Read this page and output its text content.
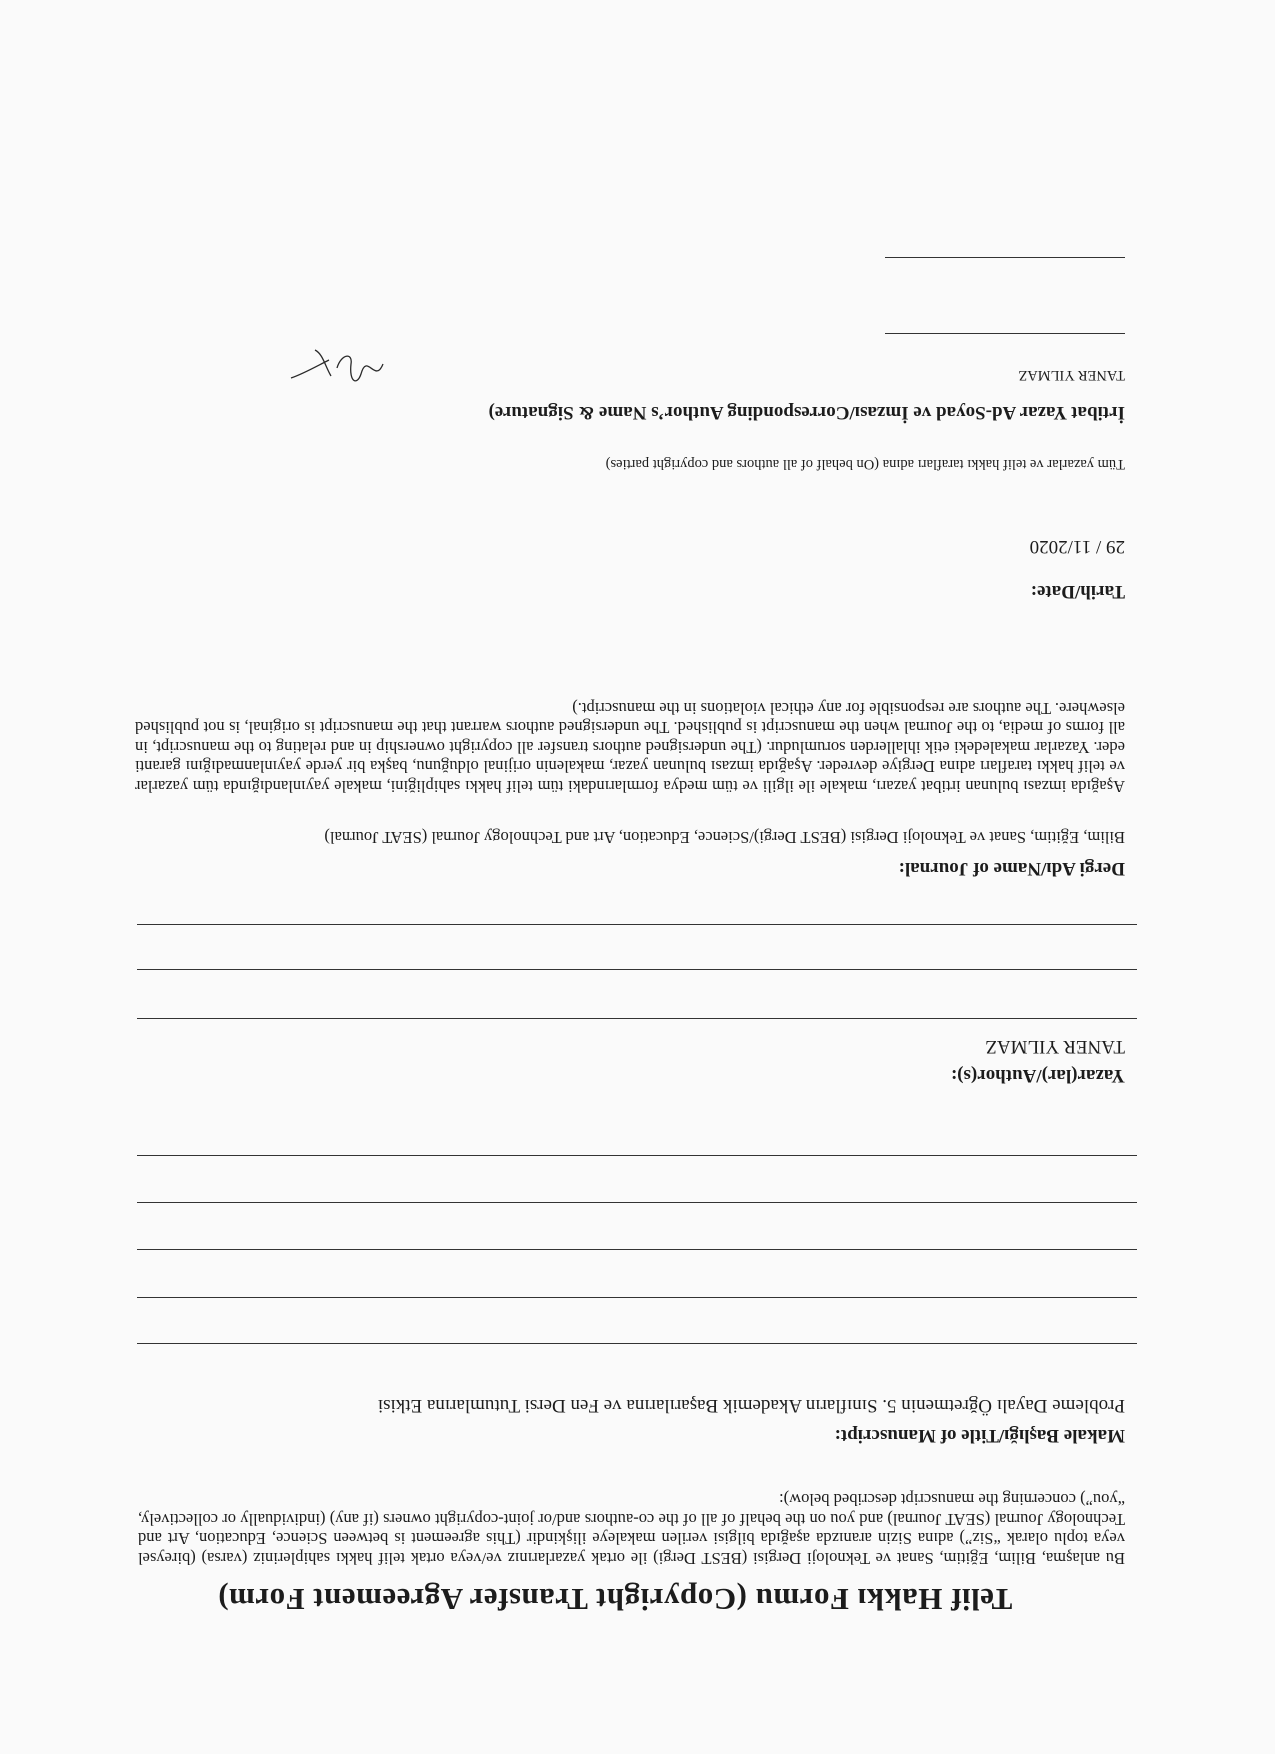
Telif Hakkı Formu (Copyright Transfer Agreement Form)
Bu anlaşma, Bilim, Eğitim, Sanat ve Teknoloji Dergisi (BEST Dergi) ile ortak yazarlarınız ve/veya ortak telif hakkı sahipleriniz (varsa) (bireysel veya toplu olarak “Siz”) adına Sizin aranızda aşağıda bilgisi verilen makaleye ilişkindir (This agreement is between Science, Education, Art and Technology Journal (SEAT Journal) and you on the behalf of all of the co-authors and/or joint-copyright owners (if any) (individually or collectively, “you”) concerning the manuscript described below):
Makale Başlığı/Title of Manuscript:
Probleme Dayalı Öğretmenin 5. Sınıfların Akademik Başarılarına ve Fen Dersi Tutumlarına Etkisi
Yazar(lar)/Author(s):
TANER YILMAZ
Dergi Adı/Name of Journal:
Bilim, Eğitim, Sanat ve Teknoloji Dergisi (BEST Dergi)/Science, Education, Art and Technology Journal (SEAT Journal)
Aşağıda imzası bulunan irtibat yazarı, makale ile ilgili ve tüm medya formlarındaki tüm telif hakkı sahipliğini, makale yayınlandığında tüm yazarlar ve telif hakkı tarafları adına Dergiye devreder. Aşağıda imzası bulunan yazar, makalenin orijinal olduğunu, başka bir yerde yayınlanmadığını garanti eder. Yazarlar makaledeki etik ihlallerden sorumludur. (The undersigned authors transfer all copyright ownership in and relating to the manuscript, in all forms of media, to the Journal when the manuscript is published. The undersigned authors warrant that the manuscript is original, is not published elsewhere. The authors are responsible for any ethical violations in the manuscript.)
Tarih/Date:
29 / 11/2020
Tüm yazarlar ve telif hakkı tarafları adına (On behalf of all authors and copyright parties)
İrtibat Yazar Ad-Soyad ve İmzası/Corresponding Author’s Name & Signature)
TANER YILMAZ
